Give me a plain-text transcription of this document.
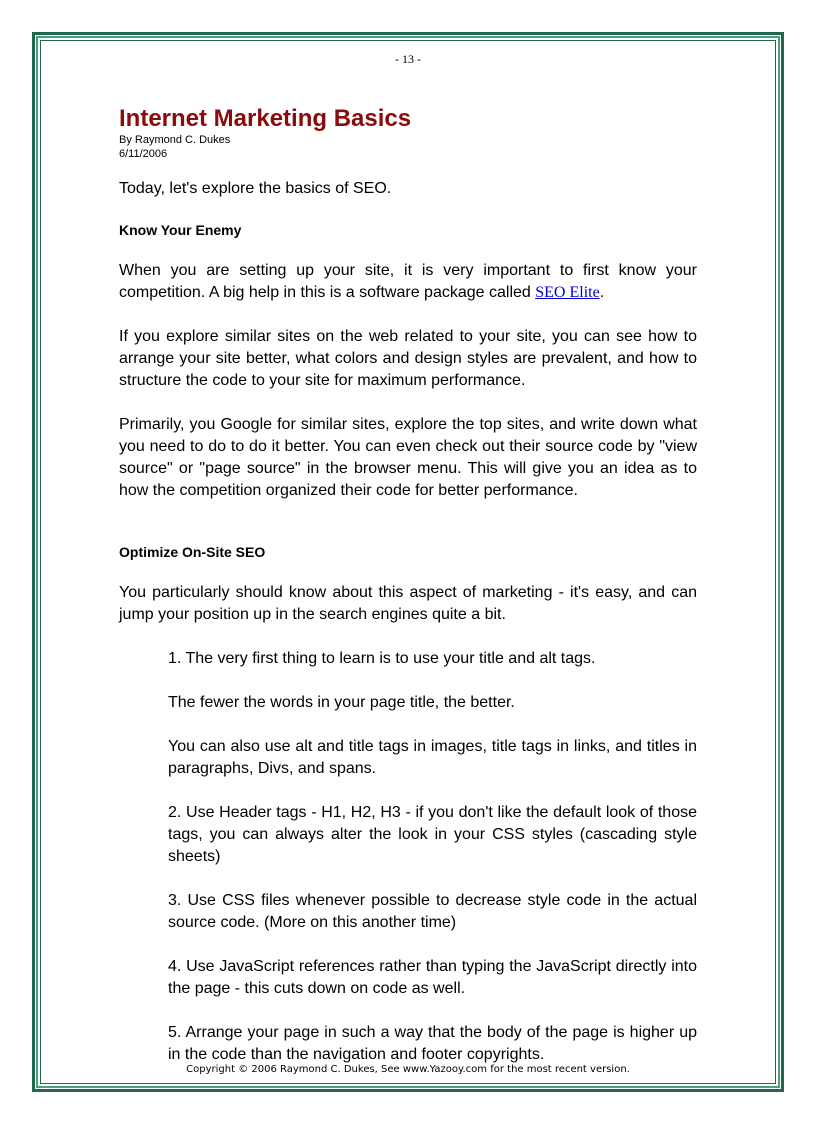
- 13 -
Internet Marketing Basics

By Raymond C. Dukes

6/11/2006

Today, let's explore the basics of SEO.

Know Your Enemy

When you are setting up your site, it is very important to first know your competition. A big help in this is a software package called SEO Elite.

If you explore similar sites on the web related to your site, you can see how to arrange your site better, what colors and design styles are prevalent, and how to structure the code to your site for maximum performance.

Primarily, you Google for similar sites, explore the top sites, and write down what you need to do to do it better. You can even check out their source code by "view source" or "page source" in the browser menu. This will give you an idea as to how the competition organized their code for better performance.

Optimize On-Site SEO

You particularly should know about this aspect of marketing - it's easy, and can jump your position up in the search engines quite a bit.

1. The very first thing to learn is to use your title and alt tags.

The fewer the words in your page title, the better.

You can also use alt and title tags in images, title tags in links, and titles in paragraphs, Divs, and spans.

2. Use Header tags - H1, H2, H3 - if you don't like the default look of those tags, you can always alter the look in your CSS styles (cascading style sheets)

3. Use CSS files whenever possible to decrease style code in the actual source code. (More on this another time)

4. Use JavaScript references rather than typing the JavaScript directly into the page - this cuts down on code as well.

5. Arrange your page in such a way that the body of the page is higher up in the code than the navigation and footer copyrights.

Copyright © 2006 Raymond C. Dukes, See www.Yazooy.com for the most recent version.
